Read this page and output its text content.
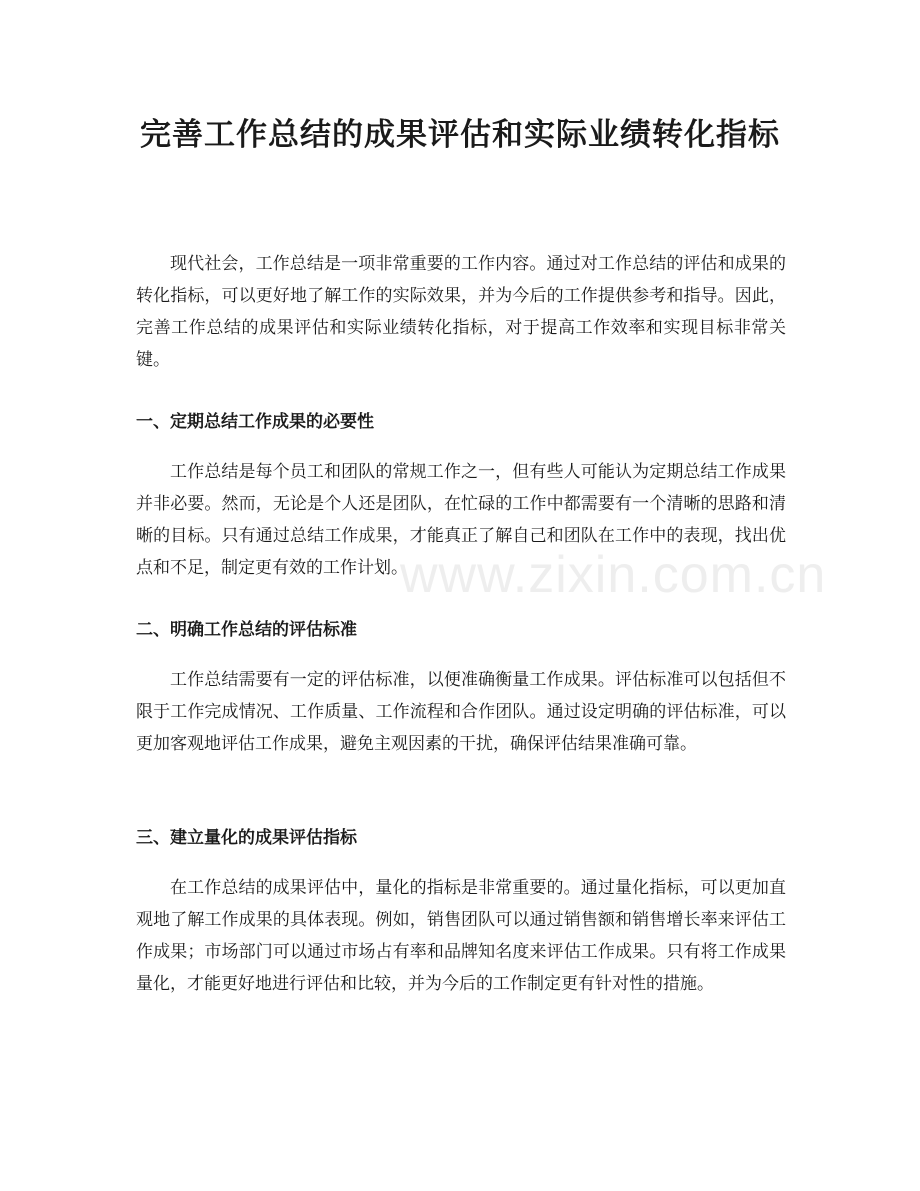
完善工作总结的成果评估和实际业绩转化指标

现代社会，工作总结是一项非常重要的工作内容。通过对工作总结的评估和成果的转化指标，可以更好地了解工作的实际效果，并为今后的工作提供参考和指导。因此，完善工作总结的成果评估和实际业绩转化指标，对于提高工作效率和实现目标非常关键。

一、定期总结工作成果的必要性

工作总结是每个员工和团队的常规工作之一，但有些人可能认为定期总结工作成果并非必要。然而，无论是个人还是团队，在忙碌的工作中都需要有一个清晰的思路和清晰的目标。只有通过总结工作成果，才能真正了解自己和团队在工作中的表现，找出优点和不足，制定更有效的工作计划。

二、明确工作总结的评估标准

工作总结需要有一定的评估标准，以便准确衡量工作成果。评估标准可以包括但不限于工作完成情况、工作质量、工作流程和合作团队。通过设定明确的评估标准，可以更加客观地评估工作成果，避免主观因素的干扰，确保评估结果准确可靠。

三、建立量化的成果评估指标

在工作总结的成果评估中，量化的指标是非常重要的。通过量化指标，可以更加直观地了解工作成果的具体表现。例如，销售团队可以通过销售额和销售增长率来评估工作成果；市场部门可以通过市场占有率和品牌知名度来评估工作成果。只有将工作成果量化，才能更好地进行评估和比较，并为今后的工作制定更有针对性的措施。

www.zixin.com.cn
